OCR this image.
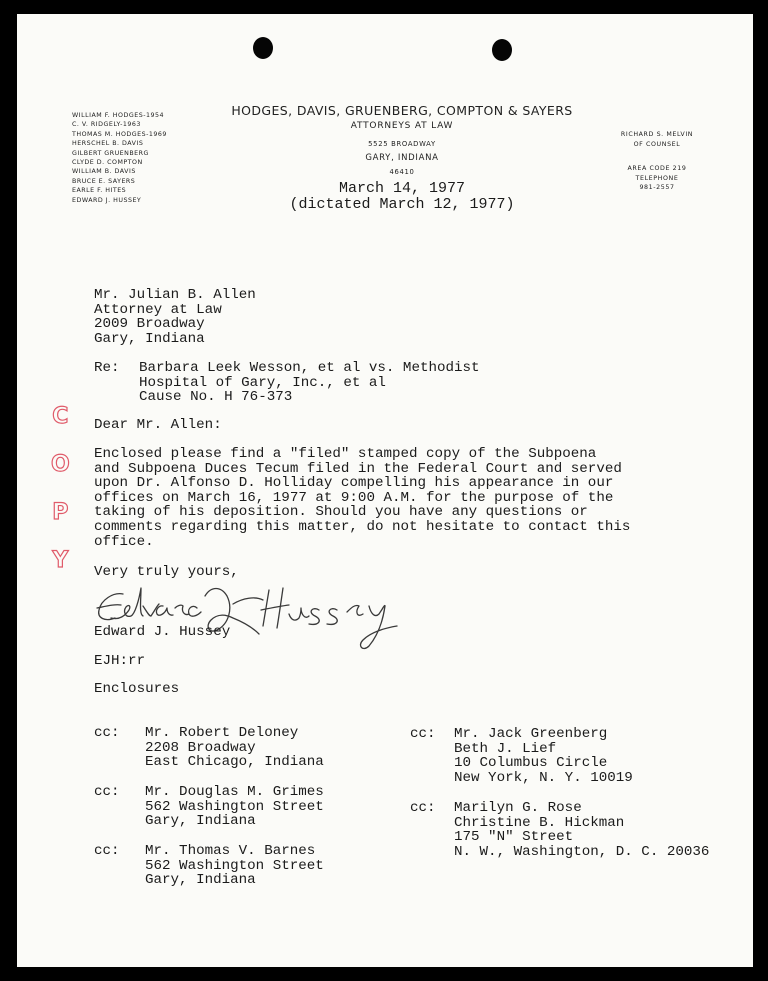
WILLIAM F. HODGES-1954
C. V. RIDGELY-1963
THOMAS M. HODGES-1969
HERSCHEL B. DAVIS
GILBERT GRUENBERG
CLYDE D. COMPTON
WILLIAM B. DAVIS
BRUCE E. SAYERS
EARLE F. HITES
EDWARD J. HUSSEY
HODGES, DAVIS, GRUENBERG, COMPTON & SAYERS
ATTORNEYS AT LAW
5525 BROADWAY
GARY, INDIANA
46410
RICHARD S. MELVIN
OF COUNSEL
AREA CODE 219
TELEPHONE
981-2557
March 14, 1977
(dictated March 12, 1977)
C
O
P
Y
Mr. Julian B. Allen
Attorney at Law
2009 Broadway
Gary, Indiana
Re: Barbara Leek Wesson, et al vs. Methodist
Hospital of Gary, Inc., et al
Cause No. H 76-373
Dear Mr. Allen:
Enclosed please find a "filed" stamped copy of the Subpoena
and Subpoena Duces Tecum filed in the Federal Court and served
upon Dr. Alfonso D. Holliday compelling his appearance in our
offices on March 16, 1977 at 9:00 A.M. for the purpose of the
taking of his deposition. Should you have any questions or
comments regarding this matter, do not hesitate to contact this
office.
Very truly yours,
Edward J. Hussey
EJH:rr
Enclosures
cc: Mr. Robert Deloney
2208 Broadway
East Chicago, Indiana
cc: Mr. Douglas M. Grimes
562 Washington Street
Gary, Indiana
cc: Mr. Thomas V. Barnes
562 Washington Street
Gary, Indiana
cc: Mr. Jack Greenberg
Beth J. Lief
10 Columbus Circle
New York, N. Y. 10019
cc: Marilyn G. Rose
Christine B. Hickman
175 "N" Street
N. W., Washington, D. C. 20036
